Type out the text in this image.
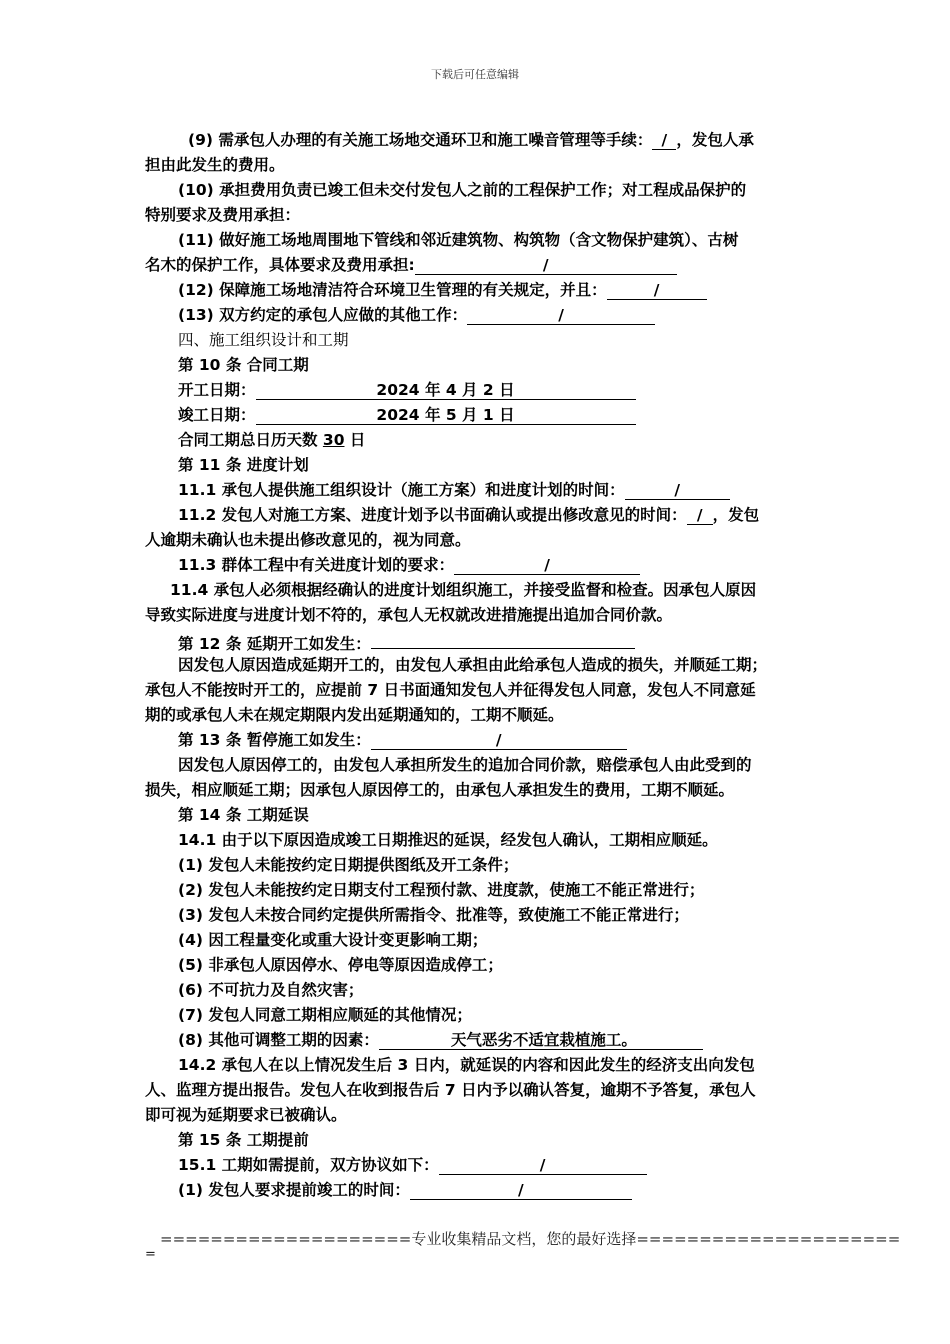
下载后可任意编辑
(9) 需承包人办理的有关施工场地交通环卫和施工噪音管理等手续： / ，发包人承
担由此发生的费用。
(10) 承担费用负责已竣工但未交付发包人之前的工程保护工作；对工程成品保护的
特别要求及费用承担：
(11) 做好施工场地周围地下管线和邻近建筑物、构筑物（含文物保护建筑）、古树
名木的保护工作，具体要求及费用承担:	/
(12) 保障施工场地清洁符合环境卫生管理的有关规定，并且：	/
(13) 双方约定的承包人应做的其他工作：	/
四、施工组织设计和工期
第 10 条 合同工期
开工日期：	2024 年 4 月 2 日
竣工日期：	2024 年 5 月 1 日
合同工期总日历天数 30 日
第 11 条 进度计划
11.1 承包人提供施工组织设计（施工方案）和进度计划的时间：	/
11.2 发包人对施工方案、进度计划予以书面确认或提出修改意见的时间： / ，发包
人逾期未确认也未提出修改意见的，视为同意。
11.3 群体工程中有关进度计划的要求：	/
11.4 承包人必须根据经确认的进度计划组织施工，并接受监督和检查。因承包人原因
导致实际进度与进度计划不符的，承包人无权就改进措施提出追加合同价款。
第 12 条 延期开工如发生：
因发包人原因造成延期开工的，由发包人承担由此给承包人造成的损失，并顺延工期；
承包人不能按时开工的，应提前 7 日书面通知发包人并征得发包人同意，发包人不同意延
期的或承包人未在规定期限内发出延期通知的，工期不顺延。
第 13 条 暂停施工如发生：	/
因发包人原因停工的，由发包人承担所发生的追加合同价款，赔偿承包人由此受到的
损失，相应顺延工期；因承包人原因停工的，由承包人承担发生的费用，工期不顺延。
第 14 条 工期延误
14.1 由于以下原因造成竣工日期推迟的延误，经发包人确认，工期相应顺延。
(1) 发包人未能按约定日期提供图纸及开工条件；
(2) 发包人未能按约定日期支付工程预付款、进度款，使施工不能正常进行；
(3) 发包人未按合同约定提供所需指令、批准等，致使施工不能正常进行；
(4) 因工程量变化或重大设计变更影响工期；
(5) 非承包人原因停水、停电等原因造成停工；
(6) 不可抗力及自然灾害；
(7) 发包人同意工期相应顺延的其他情况；
(8) 其他可调整工期的因素：	天气恶劣不适宜栽植施工。
14.2 承包人在以上情况发生后 3 日内，就延误的内容和因此发生的经济支出向发包
人、监理方提出报告。发包人在收到报告后 7 日内予以确认答复，逾期不予答复，承包人
即可视为延期要求已被确认。
第 15 条 工期提前
15.1 工期如需提前，双方协议如下：	/
(1) 发包人要求提前竣工的时间：	/
====================专业收集精品文档，您的最好选择=====================
=
